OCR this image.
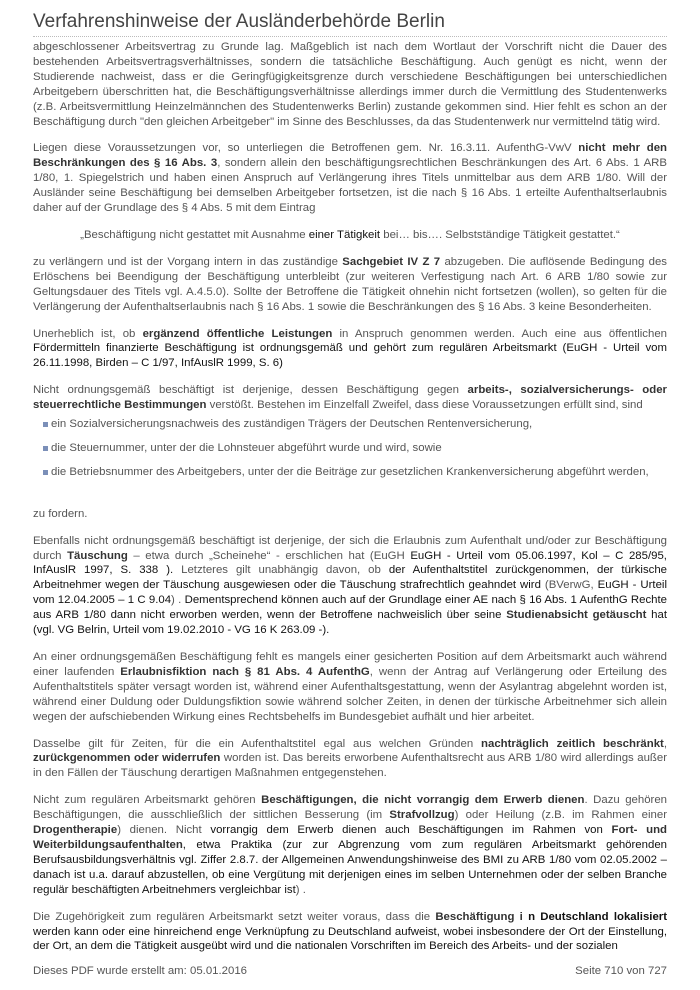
Verfahrenshinweise der Ausländerbehörde Berlin

abgeschlossener Arbeitsvertrag zu Grunde lag. Maßgeblich ist nach dem Wortlaut der Vorschrift nicht die Dauer des bestehenden Arbeitsvertragsverhältnisses, sondern die tatsächliche Beschäftigung. Auch genügt es nicht, wenn der Studierende nachweist, dass er die Geringfügigkeitsgrenze durch verschiedene Beschäftigungen bei unterschiedlichen Arbeitgebern überschritten hat, die Beschäftigungsverhältnisse allerdings immer durch die Vermittlung des Studentenwerks (z.B. Arbeitsvermittlung Heinzelmännchen des Studentenwerks Berlin) zustande gekommen sind. Hier fehlt es schon an der Beschäftigung durch "den gleichen Arbeitgeber" im Sinne des Beschlusses, da das Studentenwerk nur vermittelnd tätig wird.

Liegen diese Voraussetzungen vor, so unterliegen die Betroffenen gem. Nr. 16.3.11. AufenthG-VwV nicht mehr den Beschränkungen des § 16 Abs. 3, sondern allein den beschäftigungsrechtlichen Beschränkungen des Art. 6 Abs. 1 ARB 1/80, 1. Spiegelstrich und haben einen Anspruch auf Verlängerung ihres Titels unmittelbar aus dem ARB 1/80. Will der Ausländer seine Beschäftigung bei demselben Arbeitgeber fortsetzen, ist die nach § 16 Abs. 1 erteilte Aufenthaltserlaubnis daher auf der Grundlage des § 4 Abs. 5 mit dem Eintrag

„Beschäftigung nicht gestattet mit Ausnahme einer Tätigkeit bei… bis…. Selbstständige Tätigkeit gestattet.“

zu verlängern und ist der Vorgang intern in das zuständige Sachgebiet IV Z 7 abzugeben. Die auflösende Bedingung des Erlöschens bei Beendigung der Beschäftigung unterbleibt (zur weiteren Verfestigung nach Art. 6 ARB 1/80 sowie zur Geltungsdauer des Titels vgl. A.4.5.0). Sollte der Betroffene die Tätigkeit ohnehin nicht fortsetzen (wollen), so gelten für die Verlängerung der Aufenthaltserlaubnis nach § 16 Abs. 1 sowie die Beschränkungen des § 16 Abs. 3 keine Besonderheiten.

Unerheblich ist, ob ergänzend öffentliche Leistungen in Anspruch genommen werden. Auch eine aus öffentlichen Fördermitteln finanzierte Beschäftigung ist ordnungsgemäß und gehört zum regulären Arbeitsmarkt (EuGH - Urteil vom 26.11.1998, Birden – C 1/97, InfAuslR 1999, S. 6)

Nicht ordnungsgemäß beschäftigt ist derjenige, dessen Beschäftigung gegen arbeits-, sozialversicherungs- oder steuerrechtliche Bestimmungen verstößt. Bestehen im Einzelfall Zweifel, dass diese Voraussetzungen erfüllt sind, sind

ein Sozialversicherungsnachweis des zuständigen Trägers der Deutschen Rentenversicherung,
die Steuernummer, unter der die Lohnsteuer abgeführt wurde und wird, sowie
die Betriebsnummer des Arbeitgebers, unter der die Beiträge zur gesetzlichen Krankenversicherung abgeführt werden,

zu fordern.

Ebenfalls nicht ordnungsgemäß beschäftigt ist derjenige, der sich die Erlaubnis zum Aufenthalt und/oder zur Beschäftigung durch Täuschung – etwa durch „Scheinehe“ - erschlichen hat (EuGH EuGH - Urteil vom 05.06.1997, Kol – C 285/95, InfAuslR 1997, S. 338 ). Letzteres gilt unabhängig davon, ob der Aufenthaltstitel zurückgenommen, der türkische Arbeitnehmer wegen der Täuschung ausgewiesen oder die Täuschung strafrechtlich geahndet wird (BVerwG, EuGH - Urteil vom 12.04.2005 – 1 C 9.04) . Dementsprechend können auch auf der Grundlage einer AE nach § 16 Abs. 1 AufenthG Rechte aus ARB 1/80 dann nicht erworben werden, wenn der Betroffene nachweislich über seine Studienabsicht getäuscht hat (vgl. VG Belrin, Urteil vom 19.02.2010 - VG 16 K 263.09 -).

An einer ordnungsgemäßen Beschäftigung fehlt es mangels einer gesicherten Position auf dem Arbeitsmarkt auch während einer laufenden Erlaubnisfiktion nach § 81 Abs. 4 AufenthG, wenn der Antrag auf Verlängerung oder Erteilung des Aufenthaltstitels später versagt worden ist, während einer Aufenthaltsgestattung, wenn der Asylantrag abgelehnt worden ist, während einer Duldung oder Duldungsfiktion sowie während solcher Zeiten, in denen der türkische Arbeitnehmer sich allein wegen der aufschiebenden Wirkung eines Rechtsbehelfs im Bundesgebiet aufhält und hier arbeitet.

Dasselbe gilt für Zeiten, für die ein Aufenthaltstitel egal aus welchen Gründen nachträglich zeitlich beschränkt, zurückgenommen oder widerrufen worden ist. Das bereits erworbene Aufenthaltsrecht aus ARB 1/80 wird allerdings außer in den Fällen der Täuschung derartigen Maßnahmen entgegenstehen.

Nicht zum regulären Arbeitsmarkt gehören Beschäftigungen, die nicht vorrangig dem Erwerb dienen. Dazu gehören Beschäftigungen, die ausschließlich der sittlichen Besserung (im Strafvollzug) oder Heilung (z.B. im Rahmen einer Drogentherapie) dienen. Nicht vorrangig dem Erwerb dienen auch Beschäftigungen im Rahmen von Fort- und Weiterbildungsaufenthalten, etwa Praktika (zur zur Abgrenzung vom zum regulären Arbeitsmarkt gehörenden Berufsausbildungsverhältnis vgl. Ziffer 2.8.7. der Allgemeinen Anwendungshinweise des BMI zu ARB 1/80 vom 02.05.2002 – danach ist u.a. darauf abzustellen, ob eine Vergütung mit derjenigen eines im selben Unternehmen oder der selben Branche regulär beschäftigten Arbeitnehmers vergleichbar ist) .

Die Zugehörigkeit zum regulären Arbeitsmarkt setzt weiter voraus, dass die Beschäftigung i n Deutschland lokalisiert werden kann oder eine hinreichend enge Verknüpfung zu Deutschland aufweist, wobei insbesondere der Ort der Einstellung, der Ort, an dem die Tätigkeit ausgeübt wird und die nationalen Vorschriften im Bereich des Arbeits- und der sozialen

Dieses PDF wurde erstellt am: 05.01.2016	Seite 710 von 727
